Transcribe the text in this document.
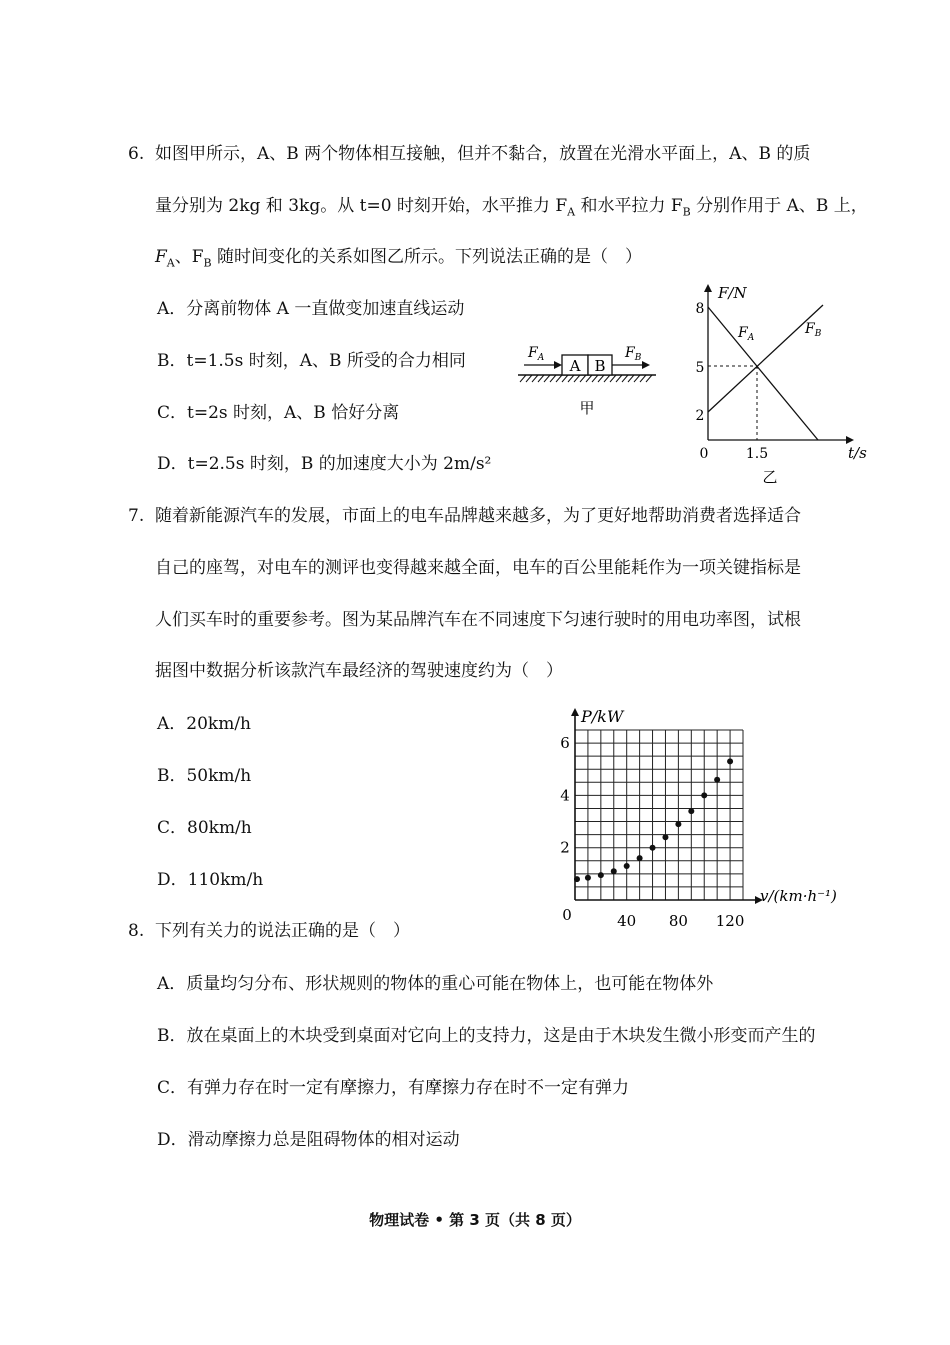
6. 如图甲所示，A、B 两个物体相互接触，但并不黏合，放置在光滑水平面上，A、B 的质
量分别为 2kg 和 3kg。从 t=0 时刻开始，水平推力 $F_A$ 和水平拉力 $F_B$ 分别作用于 A、B 上，
$F_A$、$F_B$ 随时间变化的关系如图乙所示。下列说法正确的是（　）
A．分离前物体 A 一直做变加速直线运动
B．t=1.5s 时刻，A、B 所受的合力相同
C．t=2s 时刻，A、B 恰好分离
D．t=2.5s 时刻，B 的加速度大小为 2m/s²
A B
$F_A$	$F_B$
甲
F/N
t/s
0
8
5
2
1.5
$F_A$
$F_B$
乙
7. 随着新能源汽车的发展，市面上的电车品牌越来越多，为了更好地帮助消费者选择适合
自己的座驾，对电车的测评也变得越来越全面，电车的百公里能耗作为一项关键指标是
人们买车时的重要参考。图为某品牌汽车在不同速度下匀速行驶时的用电功率图，试根
据图中数据分析该款汽车最经济的驾驶速度约为（　）
A．20km/h
B．50km/h
C．80km/h
D．110km/h
40 80 120
2
4
6
P/kW
v/(km·h⁻¹)
0
8. 下列有关力的说法正确的是（　）
A．质量均匀分布、形状规则的物体的重心可能在物体上，也可能在物体外
B．放在桌面上的木块受到桌面对它向上的支持力，这是由于木块发生微小形变而产生的
C．有弹力存在时一定有摩擦力，有摩擦力存在时不一定有弹力
D．滑动摩擦力总是阻碍物体的相对运动
物理试卷 • 第 3 页（共 8 页）
